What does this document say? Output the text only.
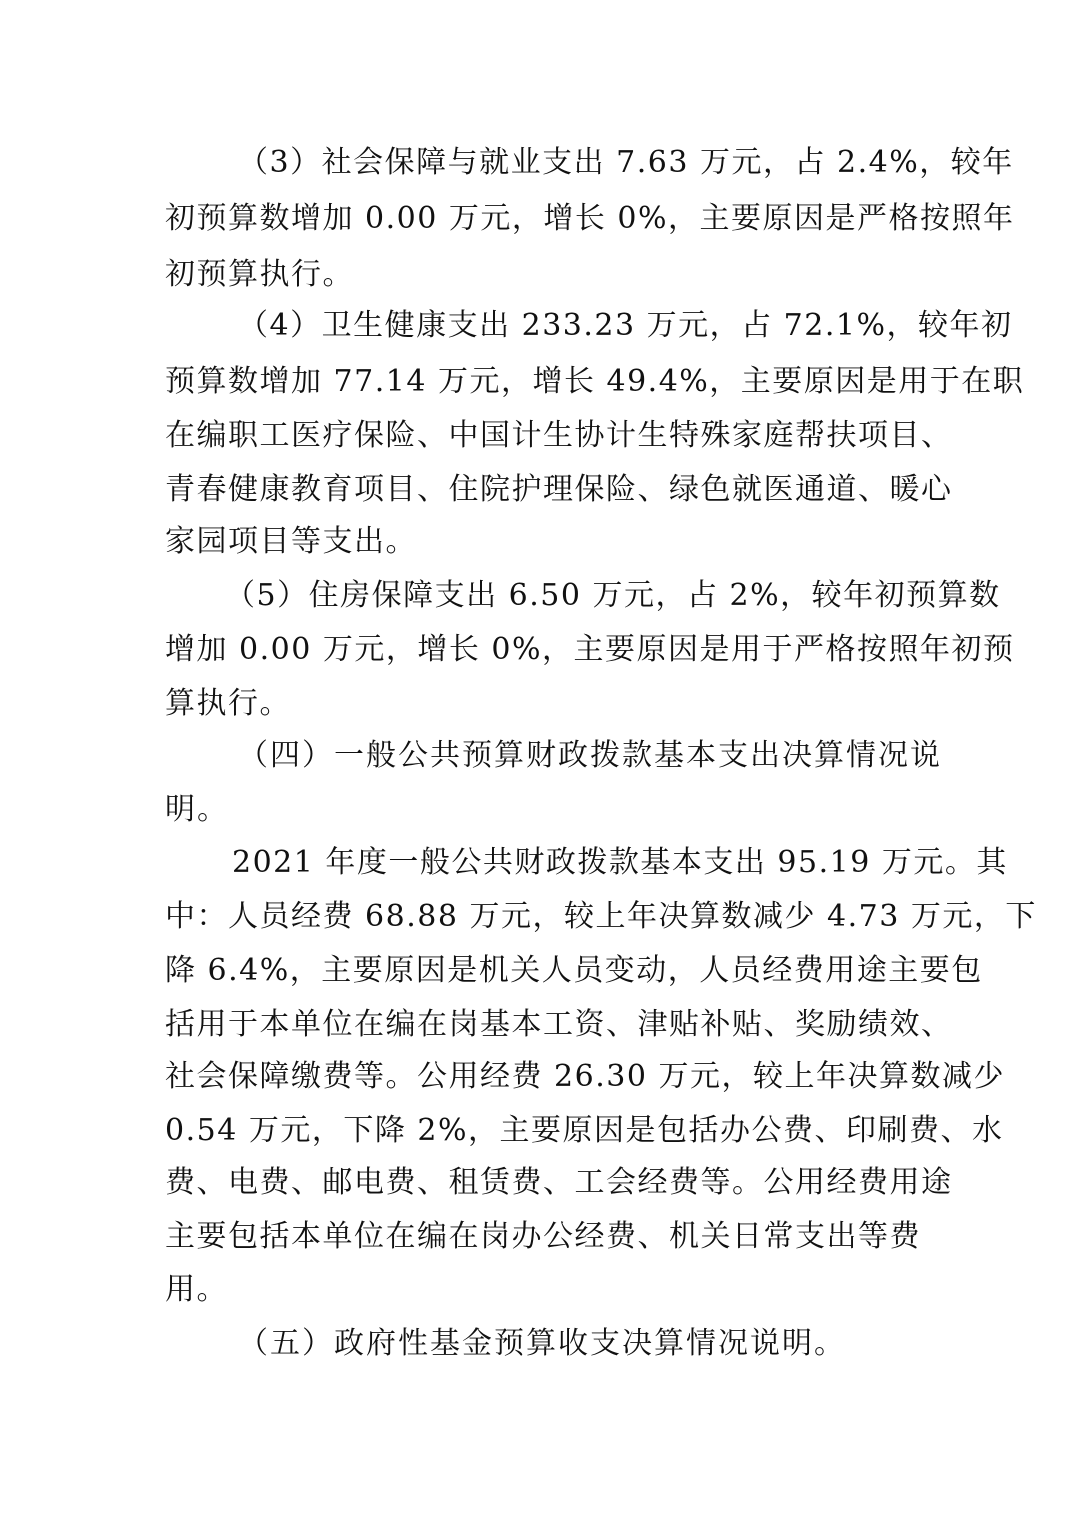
（3）社会保障与就业支出 7.63 万元，占 2.4%，较年
初预算数增加 0.00 万元，增长 0%，主要原因是严格按照年
初预算执行。
（4）卫生健康支出 233.23 万元，占 72.1%，较年初
预算数增加 77.14 万元，增长 49.4%，主要原因是用于在职
在编职工医疗保险、中国计生协计生特殊家庭帮扶项目、
青春健康教育项目、住院护理保险、绿色就医通道、暖心
家园项目等支出。
（5）住房保障支出 6.50 万元，占 2%，较年初预算数
增加 0.00 万元，增长 0%，主要原因是用于严格按照年初预
算执行。
（四）一般公共预算财政拨款基本支出决算情况说
明。
2021 年度一般公共财政拨款基本支出 95.19 万元。其
中：人员经费 68.88 万元，较上年决算数减少 4.73 万元，下
降 6.4%，主要原因是机关人员变动，人员经费用途主要包
括用于本单位在编在岗基本工资、津贴补贴、奖励绩效、
社会保障缴费等。公用经费 26.30 万元，较上年决算数减少
0.54 万元，下降 2%，主要原因是包括办公费、印刷费、水
费、电费、邮电费、租赁费、工会经费等。公用经费用途
主要包括本单位在编在岗办公经费、机关日常支出等费
用。
（五）政府性基金预算收支决算情况说明。
